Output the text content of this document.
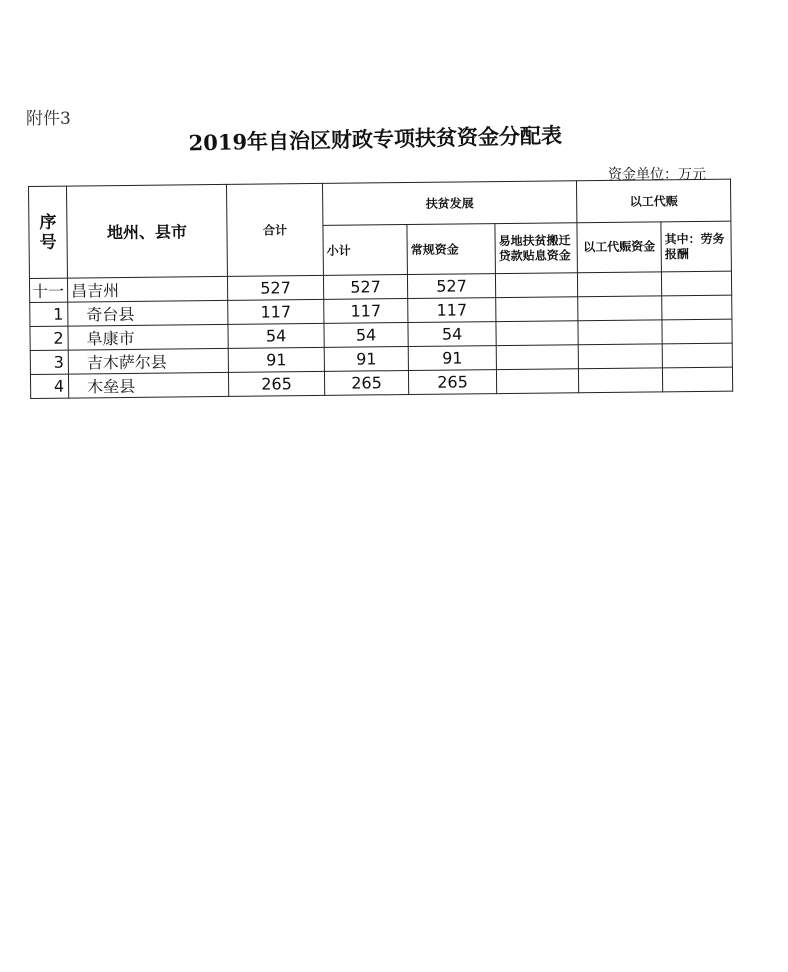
附件3
2019年自治区财政专项扶贫资金分配表
资金单位：万元
序号	地州、县市	合计	扶贫发展			以工代赈	
			小计	常规资金	易地扶贫搬迁贷款贴息资金	以工代赈资金	其中：劳务报酬
十一	昌吉州	527	527	527			
1	奇台县	117	117	117			
2	阜康市	54	54	54			
3	吉木萨尔县	91	91	91			
4	木垒县	265	265	265			
